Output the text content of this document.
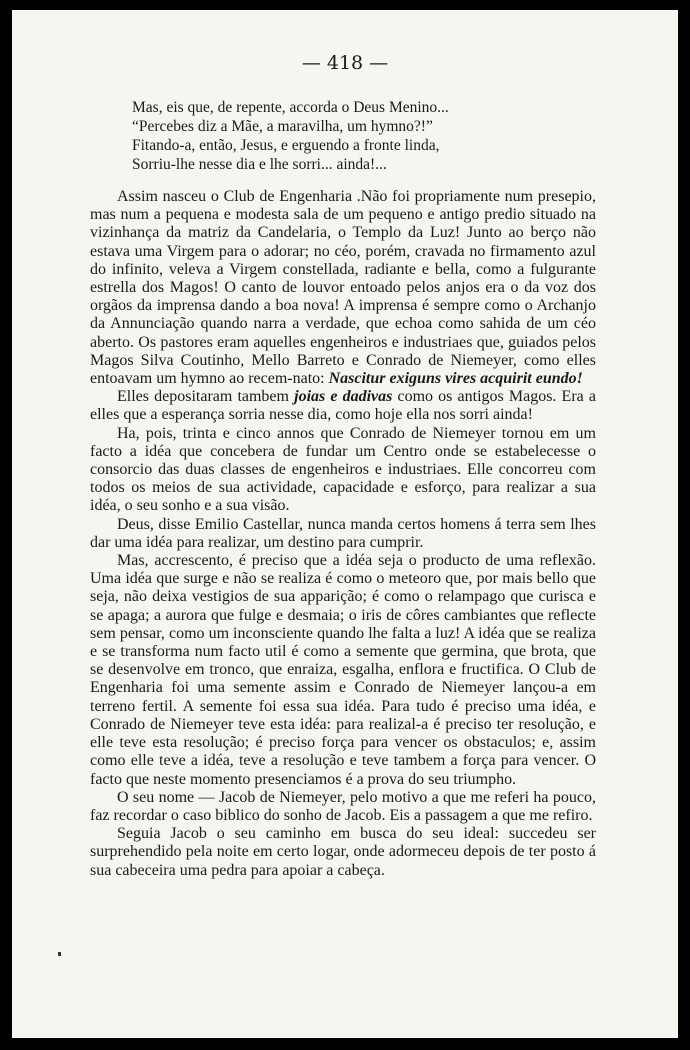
— 418 —
Mas, eis que, de repente, accorda o Deus Menino...
“Percebes diz a Mãe, a maravilha, um hymno?!”
Fitando-a, então, Jesus, e erguendo a fronte linda,
Sorriu-lhe nesse dia e lhe sorri... ainda!...

Assim nasceu o Club de Engenharia .Não foi propriamente num presepio, mas num a pequena e modesta sala de um pequeno e antigo predio situado na vizinhança da matriz da Candelaria, o Templo da Luz! Junto ao berço não estava uma Virgem para o adorar; no céo, porém, cravada no firmamento azul do infinito, veleva a Virgem constellada, radiante e bella, como a fulgurante estrella dos Magos! O canto de louvor entoado pelos anjos era o da voz dos orgãos da imprensa dando a boa nova! A imprensa é sempre como o Archanjo da Annunciação quando narra a verdade, que echoa como sahida de um céo aberto. Os pastores eram aquelles engenheiros e industriaes que, guiados pelos Magos Silva Coutinho, Mello Barreto e Conrado de Niemeyer, como elles entoavam um hymno ao recem-nato: Nascitur exiguns vires acquirit eundo!

Elles depositaram tambem joias e dadivas como os antigos Magos. Era a elles que a esperança sorria nesse dia, como hoje ella nos sorri ainda!

Ha, pois, trinta e cinco annos que Conrado de Niemeyer tornou em um facto a idéa que concebera de fundar um Centro onde se estabelecesse o consorcio das duas classes de engenheiros e industriaes. Elle concorreu com todos os meios de sua actividade, capacidade e esforço, para realizar a sua idéa, o seu sonho e a sua visão.

Deus, disse Emilio Castellar, nunca manda certos homens á terra sem lhes dar uma idéa para realizar, um destino para cumprir.

Mas, accrescento, é preciso que a idéa seja o producto de uma reflexão. Uma idéa que surge e não se realiza é como o meteoro que, por mais bello que seja, não deixa vestigios de sua apparição; é como o relampago que curisca e se apaga; a aurora que fulge e desmaia; o iris de côres cambiantes que reflecte sem pensar, como um inconsciente quando lhe falta a luz! A idéa que se realiza e se transforma num facto util é como a semente que germina, que brota, que se desenvolve em tronco, que enraiza, esgalha, enflora e fructifica. O Club de Engenharia foi uma semente assim e Conrado de Niemeyer lançou-a em terreno fertil. A semente foi essa sua idéa. Para tudo é preciso uma idéa, e Conrado de Niemeyer teve esta idéa: para realizal-a é preciso ter resolução, e elle teve esta resolução; é preciso força para vencer os obstaculos; e, assim como elle teve a idéa, teve a resolução e teve tambem a força para vencer. O facto que neste momento presenciamos é a prova do seu triumpho.

O seu nome — Jacob de Niemeyer, pelo motivo a que me referi ha pouco, faz recordar o caso biblico do sonho de Jacob. Eis a passagem a que me refiro.

Seguia Jacob o seu caminho em busca do seu ideal: succedeu ser surprehendido pela noite em certo logar, onde adormeceu depois de ter posto á sua cabeceira uma pedra para apoiar a cabeça.
